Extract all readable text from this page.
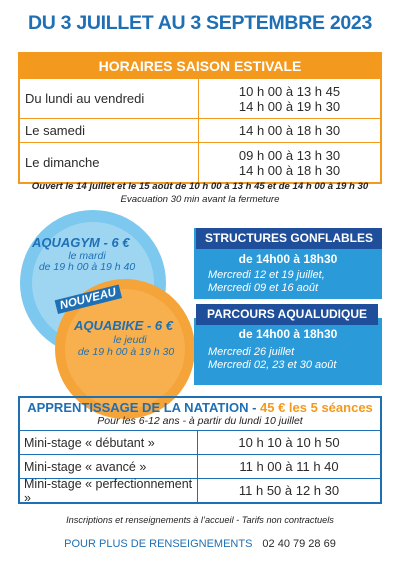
DU 3 JUILLET AU 3 SEPTEMBRE 2023
HORAIRES SAISON ESTIVALE
Du lundi au vendredi	10 h 00 à 13 h 45
14 h 00 à 19 h 30
Le samedi	14 h 00 à 18 h 30
Le dimanche	09 h 00 à 13 h 30
14 h 00 à 18 h 30
Ouvert le 14 juillet et le 15 août de 10 h 00 à 13 h 45 et de 14 h 00 à 19 h 30
Evacuation 30 min avant la fermeture
AQUAGYM - 6 €
le mardi
de 19 h 00 à 19 h 40
NOUVEAU
AQUABIKE - 6 €
le jeudi
de 19 h 00 à 19 h 30
STRUCTURES GONFLABLES
de 14h00 à 18h30
Mercredi 12 et 19 juillet,
Mercredi 09 et 16 août
PARCOURS AQUALUDIQUE
de 14h00 à 18h30
Mercredi 26 juillet
Mercredi 02, 23 et 30 août
APPRENTISSAGE DE LA NATATION - 45 € les 5 séances
Pour les 6-12 ans - à partir du lundi 10 juillet
Mini-stage « débutant »	10 h 10 à 10 h 50
Mini-stage « avancé »	11 h 00 à 11 h 40
Mini-stage « perfectionnement »	11 h 50 à 12 h 30
Inscriptions et renseignements à l’accueil - Tarifs non contractuels
POUR PLUS DE RENSEIGNEMENTS 02 40 79 28 69
